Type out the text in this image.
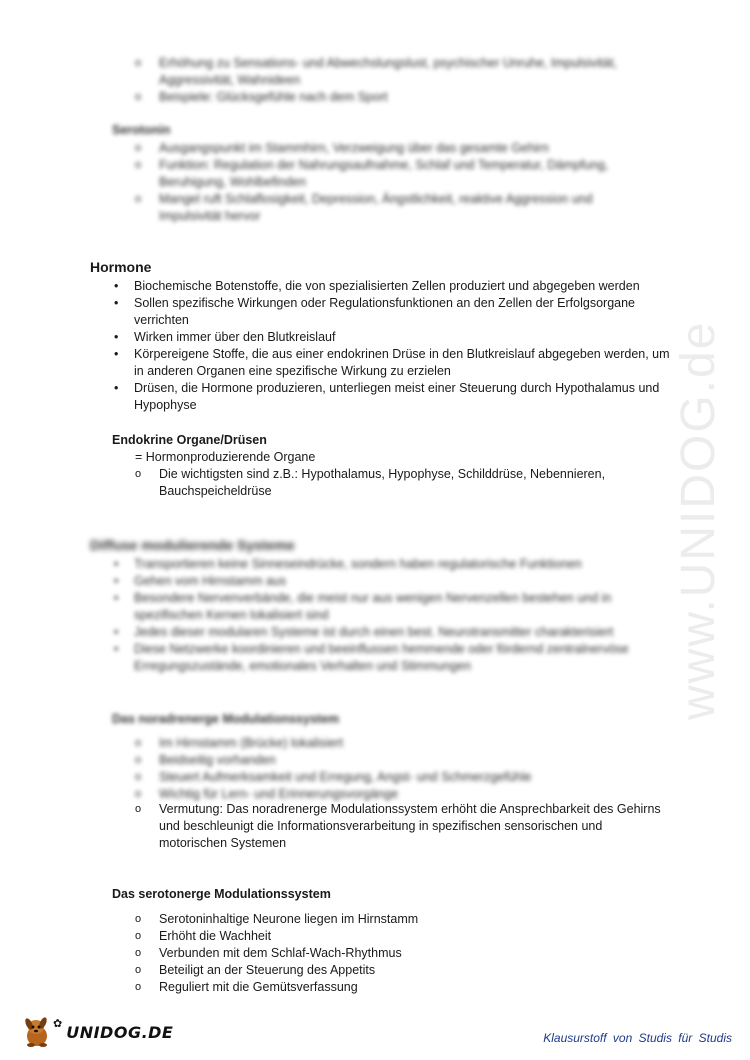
www.UNIDOG.de
o Erhöhung zu Sensations- und Abwechslungslust, psychischer Unruhe, Impulsivität, Aggressivität, Wahnideen
o Beispiele: Glücksgefühle nach dem Sport
Serotonin
o Ausgangspunkt im Stammhirn, Verzweigung über das gesamte Gehirn
o Funktion: Regulation der Nahrungsaufnahme, Schlaf und Temperatur, Dämpfung, Beruhigung, Wohlbefinden
o Mangel ruft Schlaflosigkeit, Depression, Ängstlichkeit, reaktive Aggression und Impulsivität hervor
Hormone
• Biochemische Botenstoffe, die von spezialisierten Zellen produziert und abgegeben werden
• Sollen spezifische Wirkungen oder Regulationsfunktionen an den Zellen der Erfolgsorgane verrichten
• Wirken immer über den Blutkreislauf
• Körpereigene Stoffe, die aus einer endokrinen Drüse in den Blutkreislauf abgegeben werden, um in anderen Organen eine spezifische Wirkung zu erzielen
• Drüsen, die Hormone produzieren, unterliegen meist einer Steuerung durch Hypothalamus und Hypophyse
Endokrine Organe/Drüsen
= Hormonproduzierende Organe
o Die wichtigsten sind z.B.: Hypothalamus, Hypophyse, Schilddrüse, Nebennieren, Bauchspeicheldrüse
Diffuse modulierende Systeme
• Transportieren keine Sinneseindrücke, sondern haben regulatorische Funktionen
• Gehen vom Hirnstamm aus
• Besondere Nervenverbände, die meist nur aus wenigen Nervenzellen bestehen und in spezifischen Kernen lokalisiert sind
• Jedes dieser modularen Systeme ist durch einen best. Neurotransmitter charakterisiert
• Diese Netzwerke koordinieren und beeinflussen hemmende oder fördernd zentralnervöse Erregungszustände, emotionales Verhalten und Stimmungen
Das noradrenerge Modulationssystem
o Im Hirnstamm (Brücke) lokalisiert
o Beidseitig vorhanden
o Steuert Aufmerksamkeit und Erregung, Angst- und Schmerzgefühle
o Wichtig für Lern- und Erinnerungsvorgänge
o Vermutung: Das noradrenerge Modulationssystem erhöht die Ansprechbarkeit des Gehirns und beschleunigt die Informationsverarbeitung in spezifischen sensorischen und motorischen Systemen
Das serotonerge Modulationssystem
o Serotoninhaltige Neurone liegen im Hirnstamm
o Erhöht die Wachheit
o Verbunden mit dem Schlaf-Wach-Rhythmus
o Beteiligt an der Steuerung des Appetits
o Reguliert mit die Gemütsverfassung
✿ UNIDOG.DE	Klausurstoff von Studis für Studis
